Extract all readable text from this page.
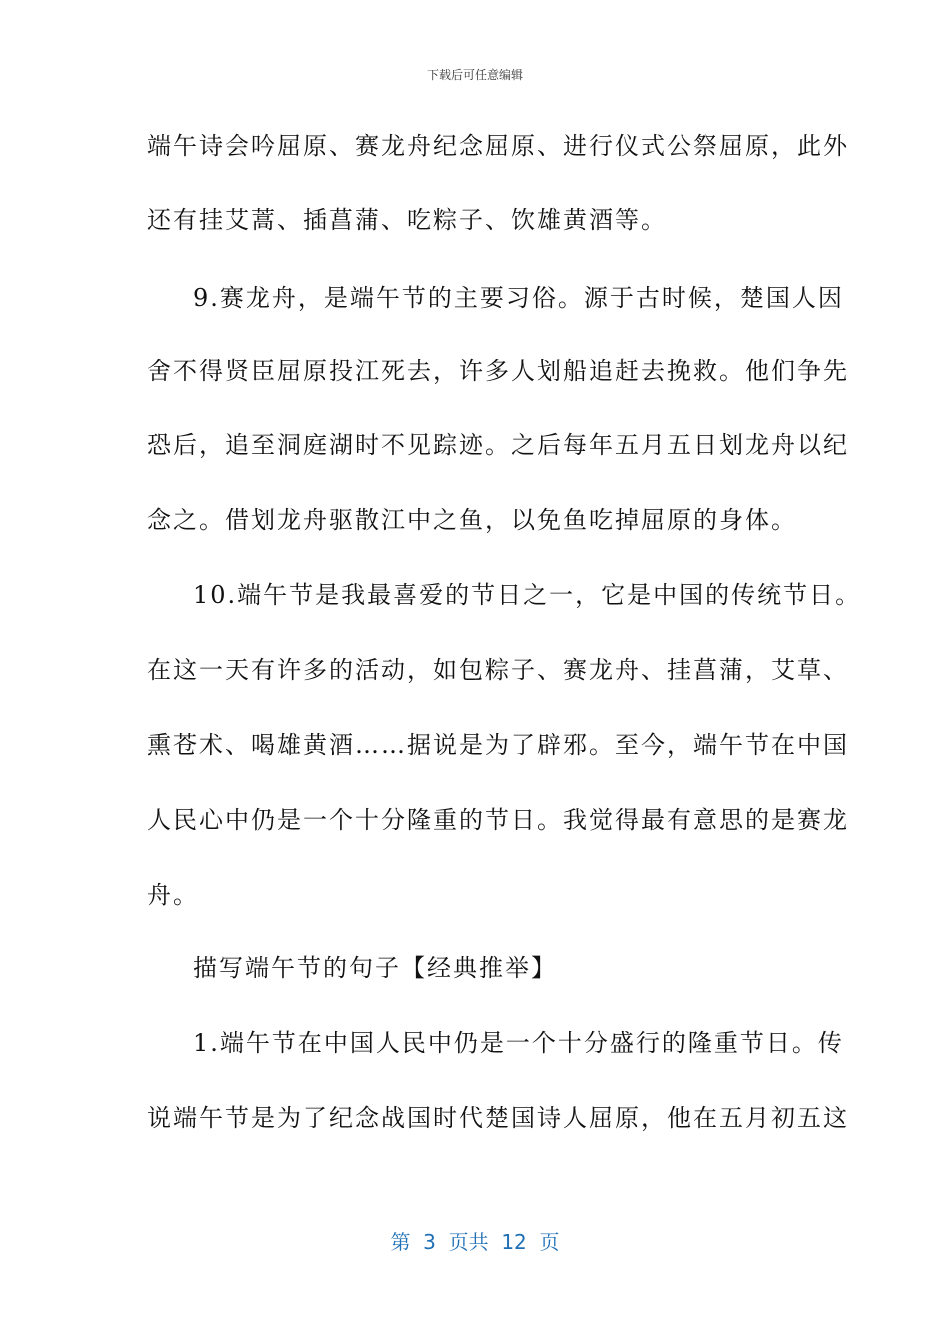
下载后可任意编辑
端午诗会吟屈原、赛龙舟纪念屈原、进行仪式公祭屈原，此外
还有挂艾蒿、插菖蒲、吃粽子、饮雄黄酒等。
9.赛龙舟，是端午节的主要习俗。源于古时候，楚国人因
舍不得贤臣屈原投江死去，许多人划船追赶去挽救。他们争先
恐后，追至洞庭湖时不见踪迹。之后每年五月五日划龙舟以纪
念之。借划龙舟驱散江中之鱼，以免鱼吃掉屈原的身体。
10.端午节是我最喜爱的节日之一，它是中国的传统节日。
在这一天有许多的活动，如包粽子、赛龙舟、挂菖蒲，艾草、
熏苍术、喝雄黄酒……据说是为了辟邪。至今，端午节在中国
人民心中仍是一个十分隆重的节日。我觉得最有意思的是赛龙
舟。
描写端午节的句子【经典推举】
1.端午节在中国人民中仍是一个十分盛行的隆重节日。传
说端午节是为了纪念战国时代楚国诗人屈原，他在五月初五这
第  3  页共  12  页
